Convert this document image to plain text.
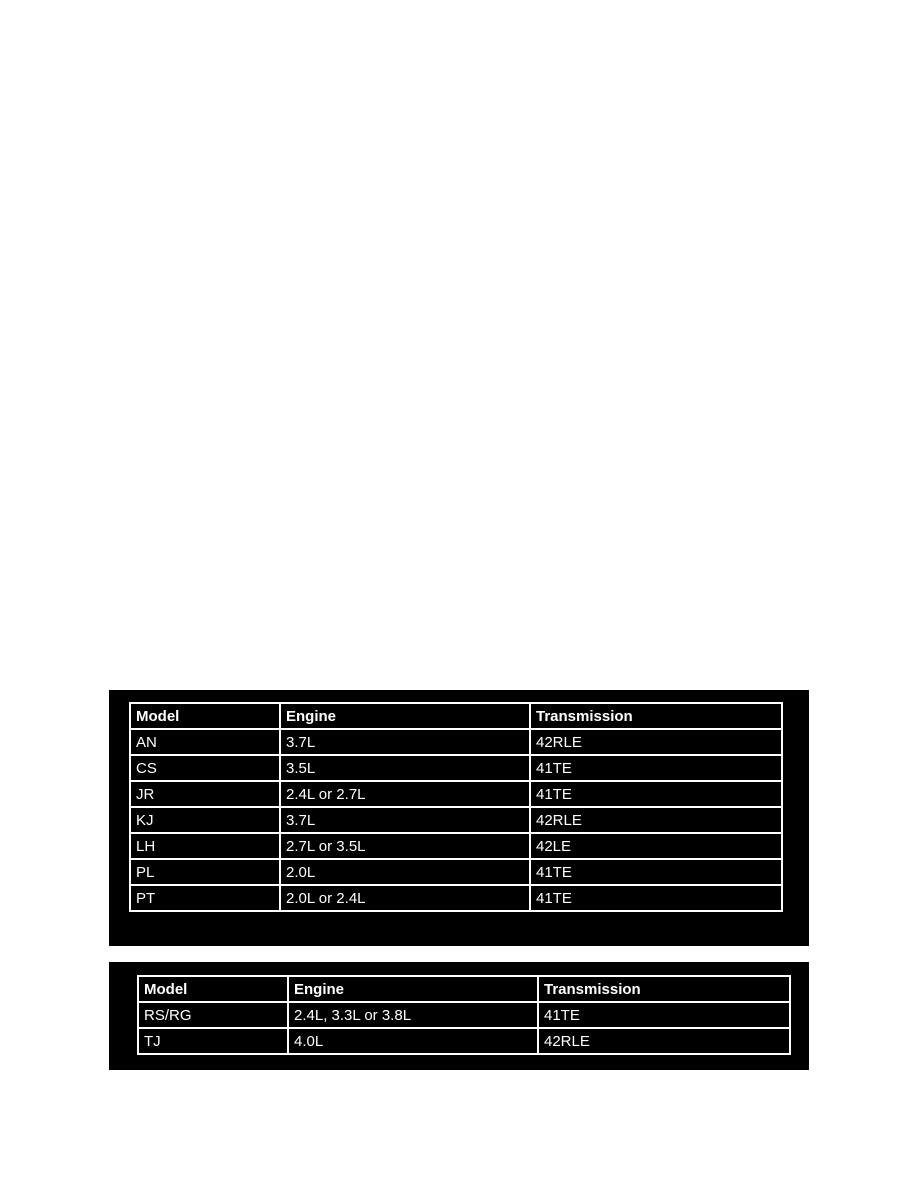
Model	Engine	Transmission
AN	3.7L	42RLE
CS	3.5L	41TE
JR	2.4L or 2.7L	41TE
KJ	3.7L	42RLE
LH	2.7L or 3.5L	42LE
PL	2.0L	41TE
PT	2.0L or 2.4L	41TE
Model	Engine	Transmission
RS/RG	2.4L, 3.3L or 3.8L	41TE
TJ	4.0L	42RLE
